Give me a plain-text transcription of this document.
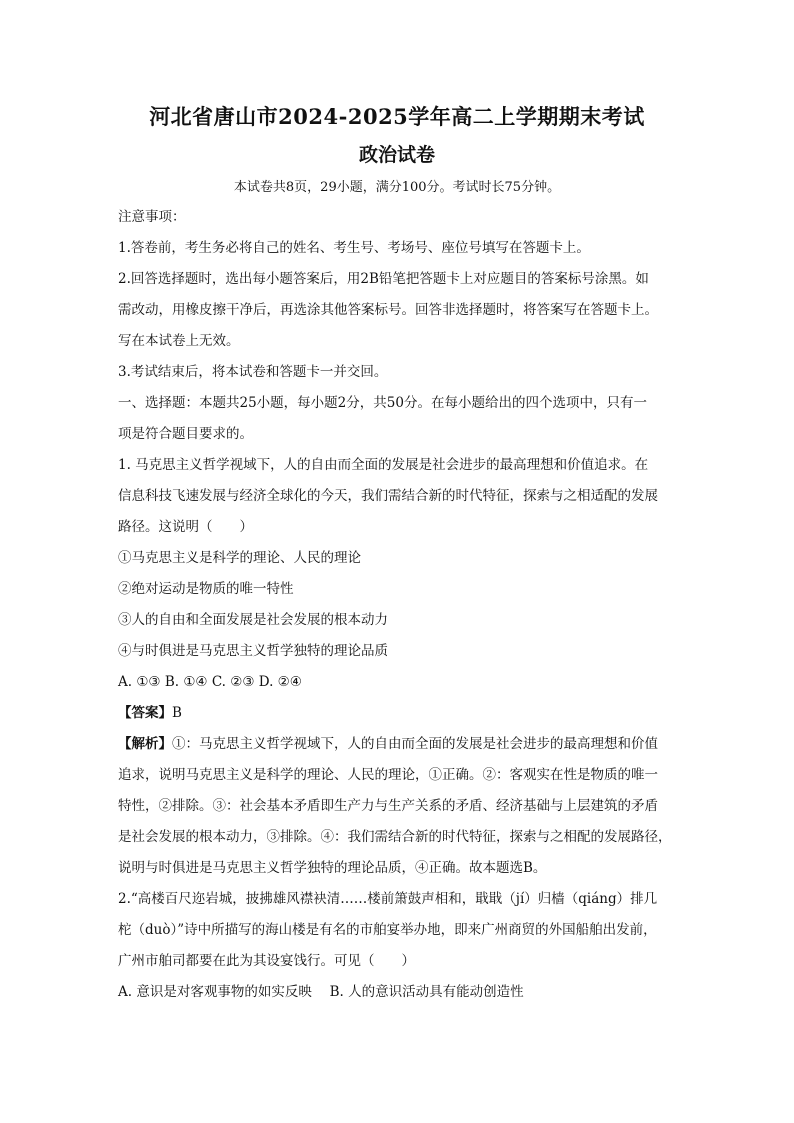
河北省唐山市2024-2025学年高二上学期期末考试
政治试卷

本试卷共8页，29小题，满分100分。考试时长75分钟。

注意事项：

1.答卷前，考生务必将自己的姓名、考生号、考场号、座位号填写在答题卡上。

2.回答选择题时，选出每小题答案后，用2B铅笔把答题卡上对应题目的答案标号涂黑。如

需改动，用橡皮擦干净后，再选涂其他答案标号。回答非选择题时，将答案写在答题卡上。

写在本试卷上无效。

3.考试结束后，将本试卷和答题卡一并交回。

一、选择题：本题共25小题，每小题2分，共50分。在每小题给出的四个选项中，只有一

项是符合题目要求的。

1. 马克思主义哲学视域下，人的自由而全面的发展是社会进步的最高理想和价值追求。在

信息科技飞速发展与经济全球化的今天，我们需结合新的时代特征，探索与之相适配的发展

路径。这说明（　　）

①马克思主义是科学的理论、人民的理论

②绝对运动是物质的唯一特性

③人的自由和全面发展是社会发展的根本动力

④与时俱进是马克思主义哲学独特的理论品质

A. ①③ B. ①④ C. ②③ D. ②④

【答案】B

【解析】①：马克思主义哲学视域下，人的自由而全面的发展是社会进步的最高理想和价值

追求，说明马克思主义是科学的理论、人民的理论，①正确。②：客观实在性是物质的唯一

特性，②排除。③：社会基本矛盾即生产力与生产关系的矛盾、经济基础与上层建筑的矛盾

是社会发展的根本动力，③排除。④：我们需结合新的时代特征，探索与之相配的发展路径，

说明与时俱进是马克思主义哲学独特的理论品质，④正确。故本题选B。

2.“高楼百尺迩岩城，披拂雄风襟袂清……楼前箫鼓声相和，戢戢（jí）归樯（qiáng）排几

柁（duò）”诗中所描写的海山楼是有名的市舶宴举办地，即来广州商贸的外国船舶出发前，

广州市舶司都要在此为其设宴饯行。可见（　　）

A. 意识是对客观事物的如实反映　 B. 人的意识活动具有能动创造性
